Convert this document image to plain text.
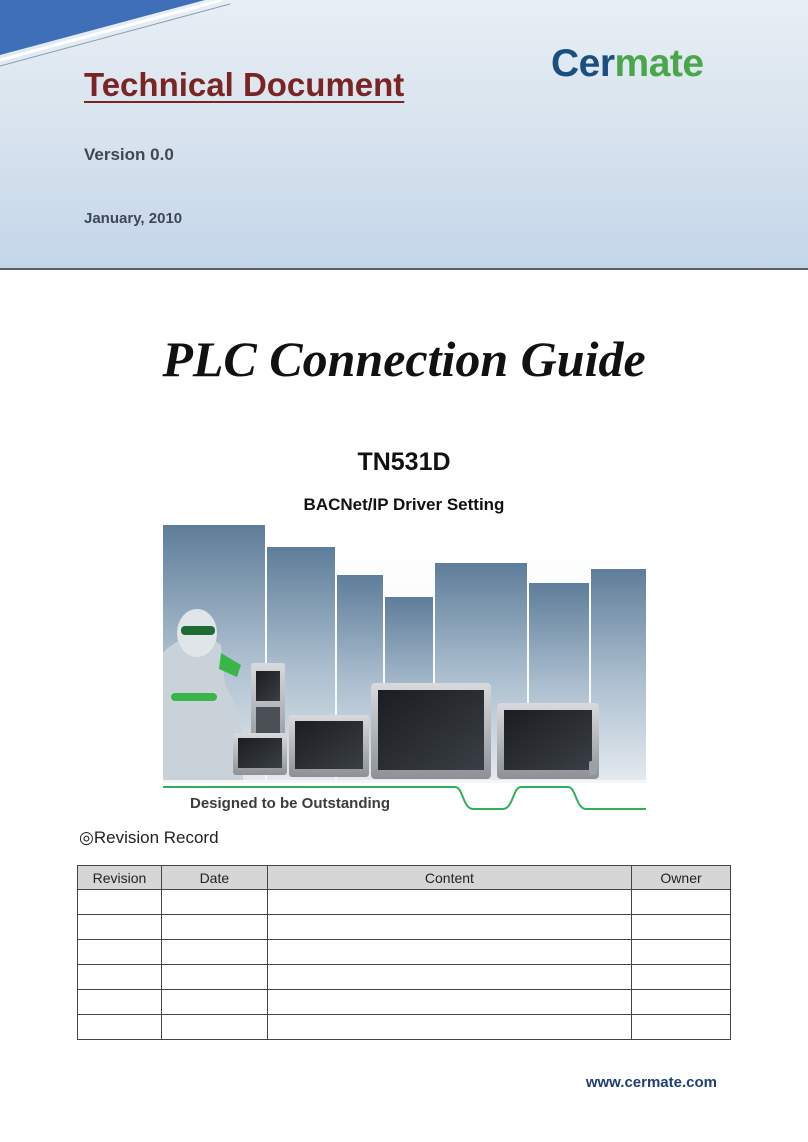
Technical Document	Cermate
Version 0.0
January, 2010
PLC Connection Guide
TN531D
BACNet/IP Driver Setting
Designed to be Outstanding
◎Revision Record
Revision	Date	Content	Owner

www.cermate.com
